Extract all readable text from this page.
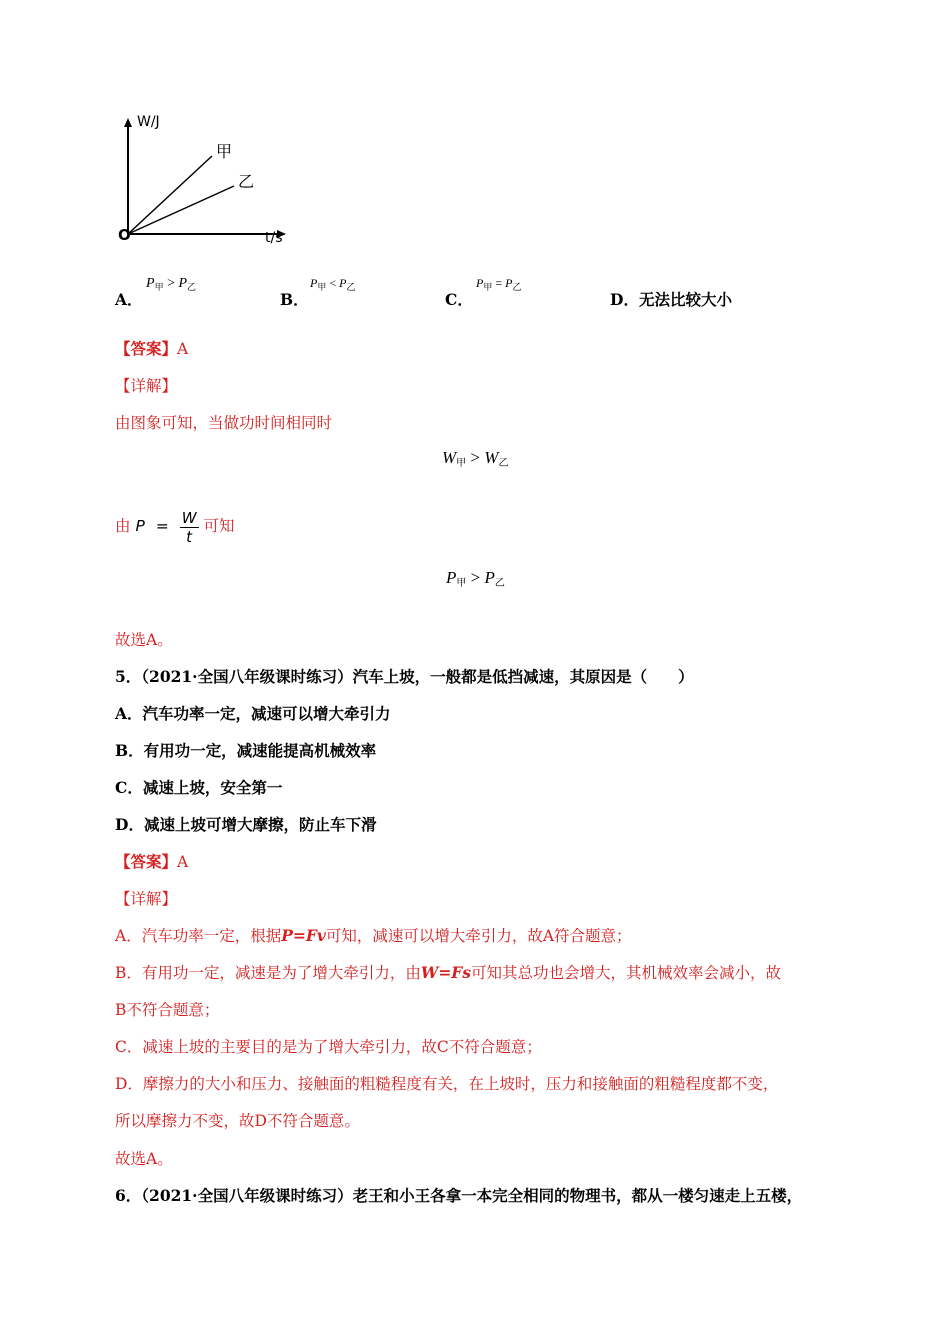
W/J
t/s
O
甲
乙
A．
$P_甲 > P_乙$
B．
$P_甲 < P_乙$
C．
$P_甲 = P_乙$
D．无法比较大小
【答案】A
【详解】
由图象可知，当做功时间相同时
$W_甲 > W_乙$
由 $P = \frac{W}{t}$ 可知
$P_甲 > P_乙$
故选A。
5．（2021·全国八年级课时练习）汽车上坡，一般都是低挡减速，其原因是（　　）
A．汽车功率一定，减速可以增大牵引力
B．有用功一定，减速能提高机械效率
C．减速上坡，安全第一
D．减速上坡可增大摩擦，防止车下滑
【答案】A
【详解】
A．汽车功率一定，根据P=Fv可知，减速可以增大牵引力，故A符合题意；
B．有用功一定，减速是为了增大牵引力，由W=Fs可知其总功也会增大，其机械效率会减小，故
B不符合题意；
C．减速上坡的主要目的是为了增大牵引力，故C不符合题意；
D．摩擦力的大小和压力、接触面的粗糙程度有关，在上坡时，压力和接触面的粗糙程度都不变，
所以摩擦力不变，故D不符合题意。
故选A。
6．（2021·全国八年级课时练习）老王和小王各拿一本完全相同的物理书，都从一楼匀速走上五楼，
